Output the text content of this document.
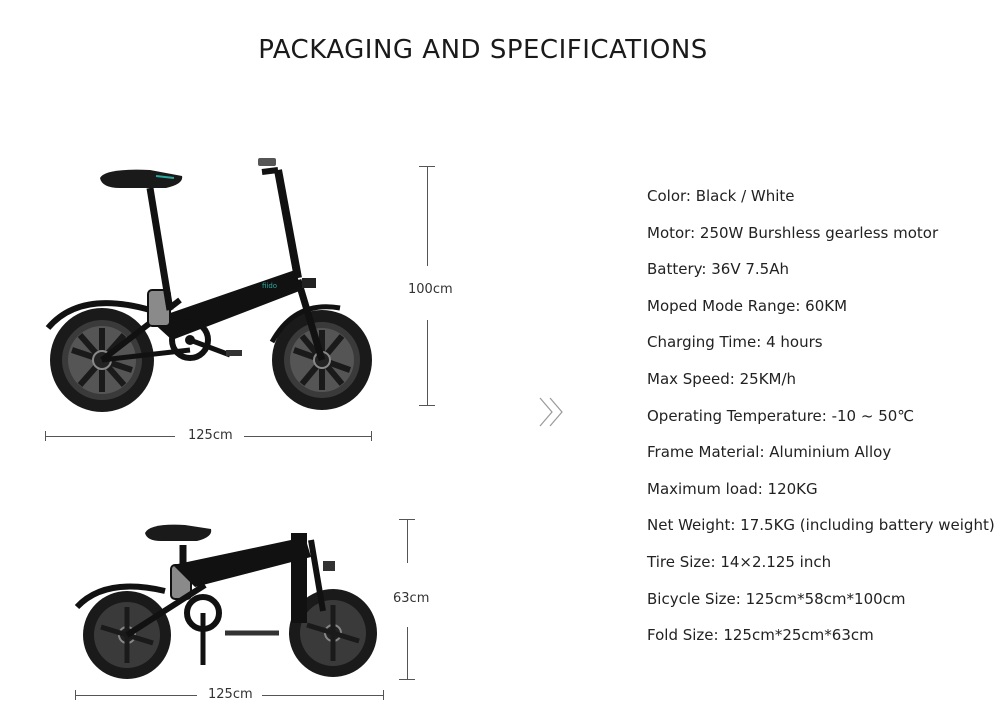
PACKAGING AND SPECIFICATIONS
fiido	100cm
125cm
63cm
125cm
Color: Black / White
Motor: 250W Burshless gearless motor
Battery: 36V 7.5Ah
Moped Mode Range: 60KM
Charging Time: 4 hours
Max Speed: 25KM/h
Operating Temperature: -10 ~ 50℃
Frame Material: Aluminium Alloy
Maximum load: 120KG
Net Weight: 17.5KG (including battery weight)
Tire Size: 14×2.125 inch
Bicycle Size: 125cm*58cm*100cm
Fold Size: 125cm*25cm*63cm
